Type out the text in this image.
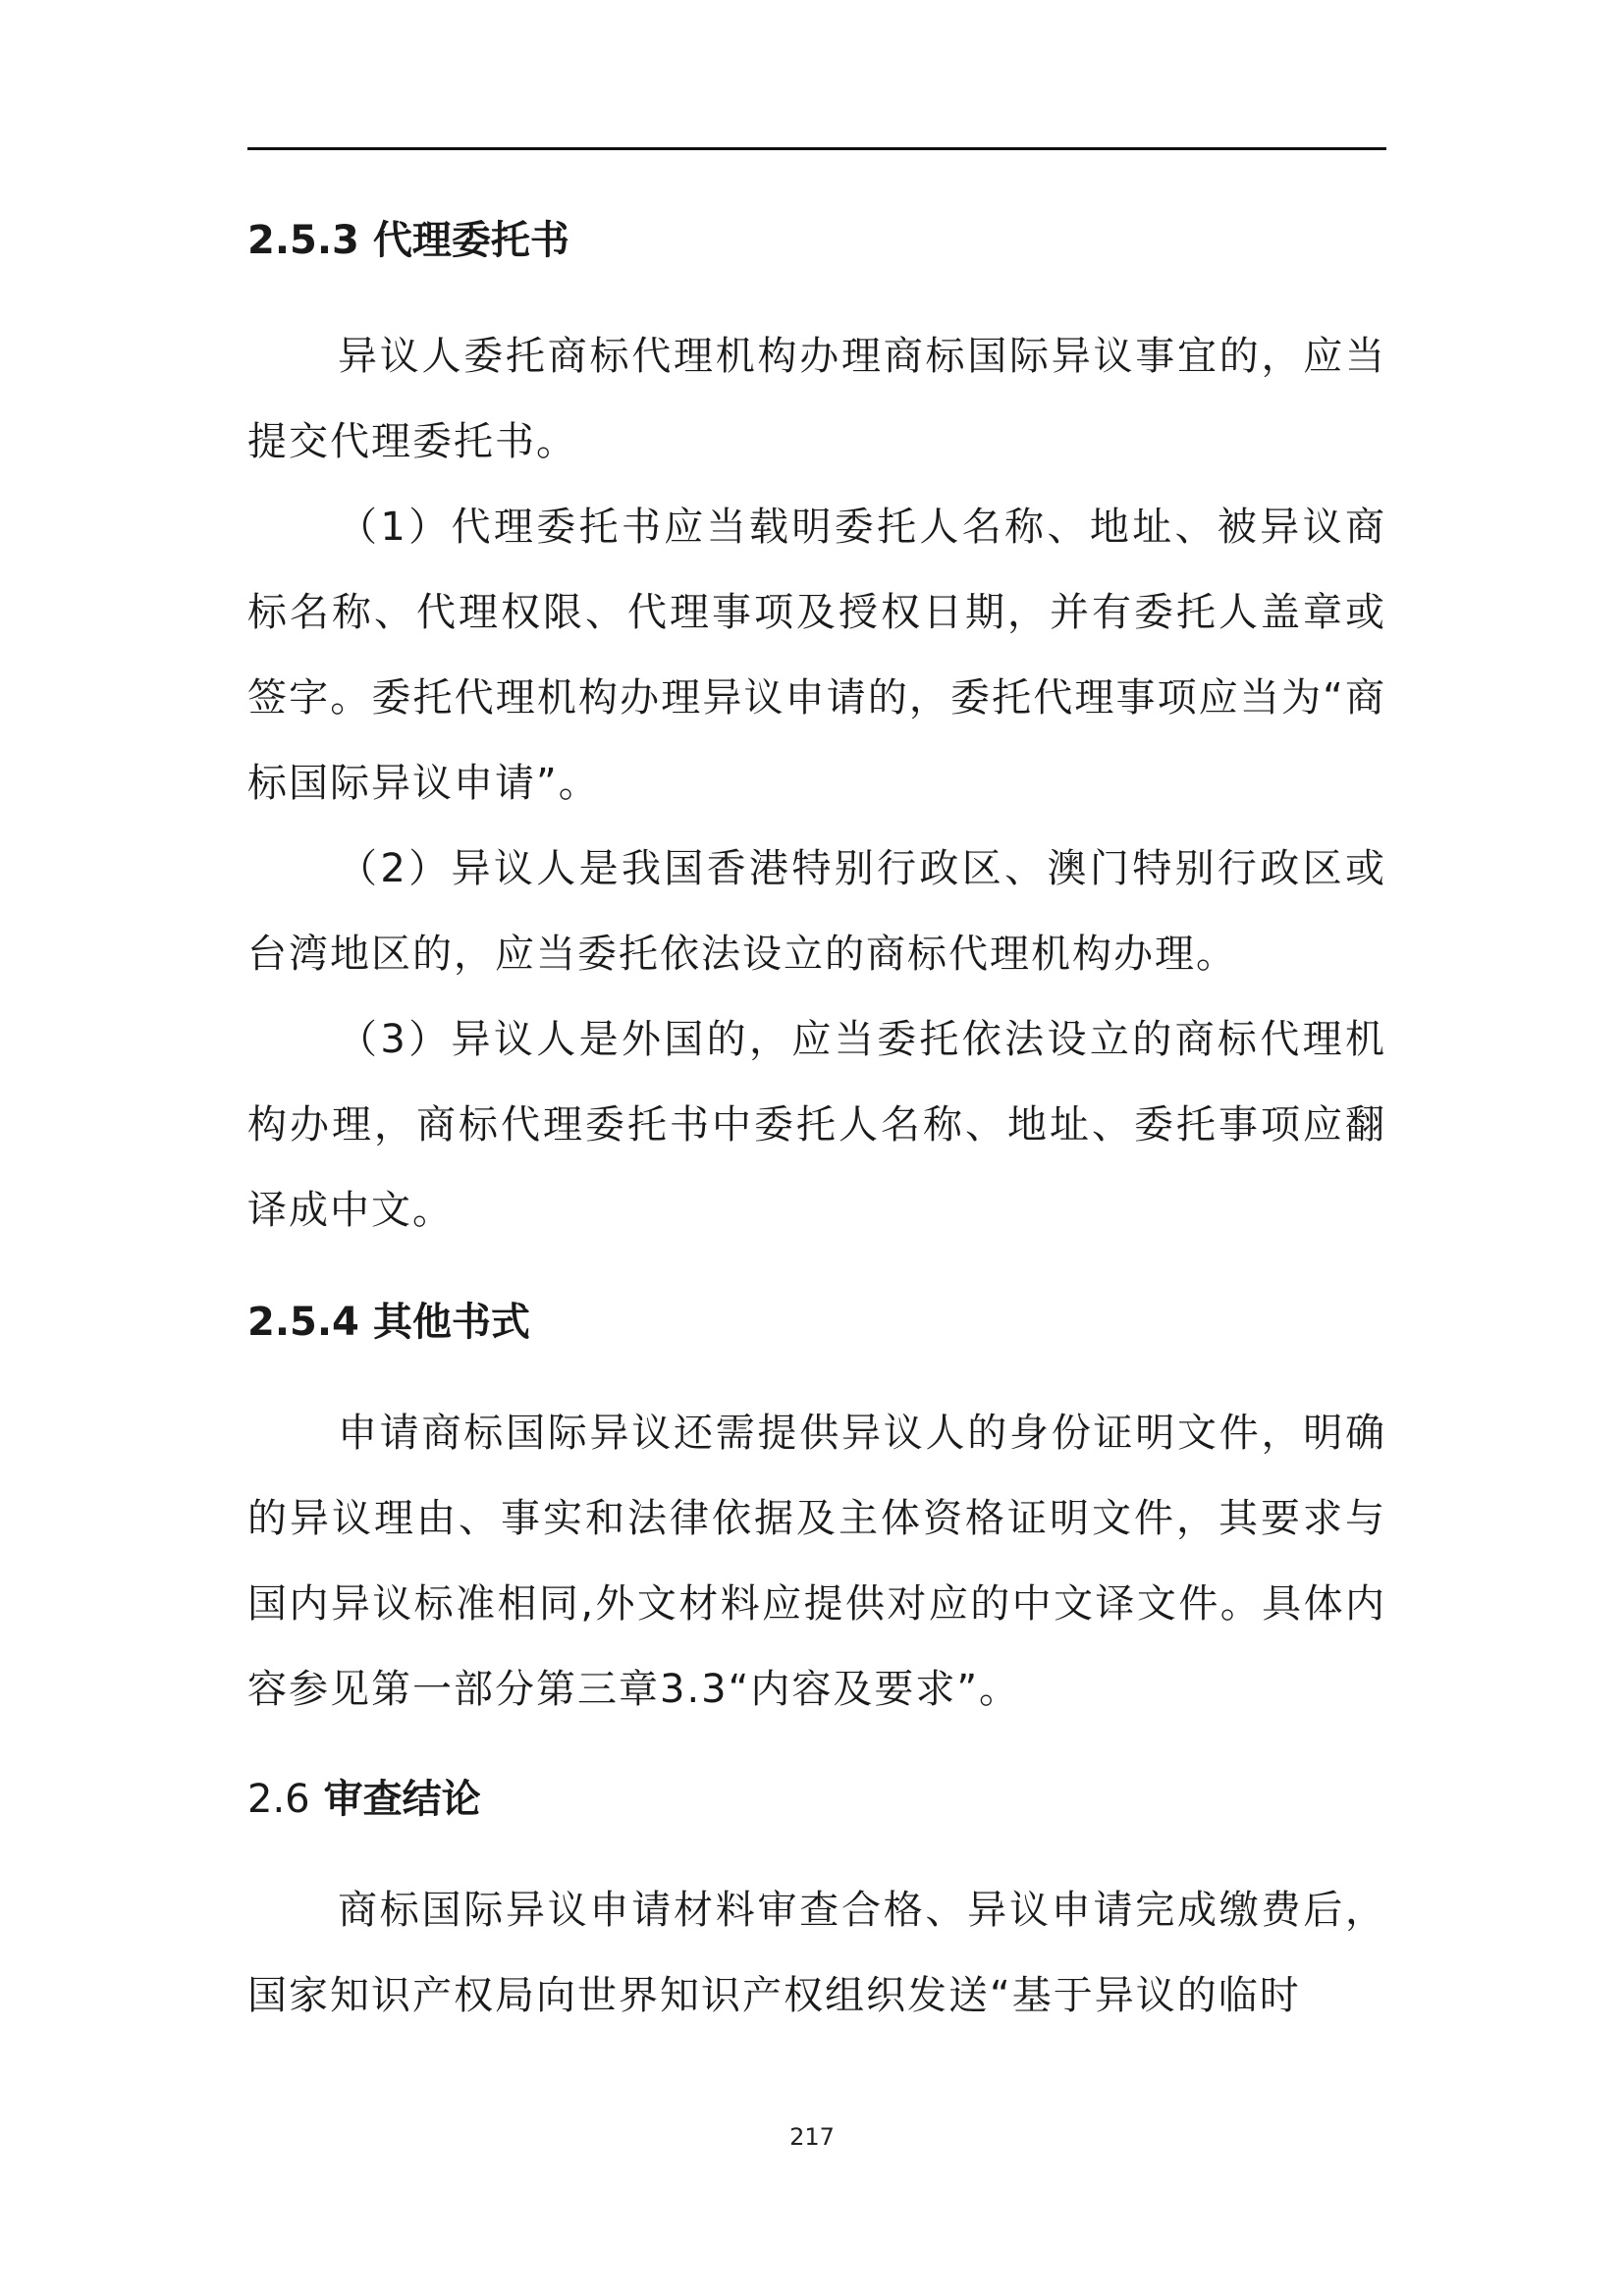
2.5.3 代理委托书

异议人委托商标代理机构办理商标国际异议事宜的，应当提交代理委托书。

（1）代理委托书应当载明委托人名称、地址、被异议商标名称、代理权限、代理事项及授权日期，并有委托人盖章或签字。委托代理机构办理异议申请的，委托代理事项应当为“商标国际异议申请”。

（2）异议人是我国香港特别行政区、澳门特别行政区或台湾地区的，应当委托依法设立的商标代理机构办理。

（3）异议人是外国的，应当委托依法设立的商标代理机构办理，商标代理委托书中委托人名称、地址、委托事项应翻译成中文。

2.5.4 其他书式

申请商标国际异议还需提供异议人的身份证明文件，明确的异议理由、事实和法律依据及主体资格证明文件，其要求与国内异议标准相同,外文材料应提供对应的中文译文件。具体内容参见第一部分第三章3.3“内容及要求”。

2.6 审查结论

商标国际异议申请材料审查合格、异议申请完成缴费后，国家知识产权局向世界知识产权组织发送“基于异议的临时

217
